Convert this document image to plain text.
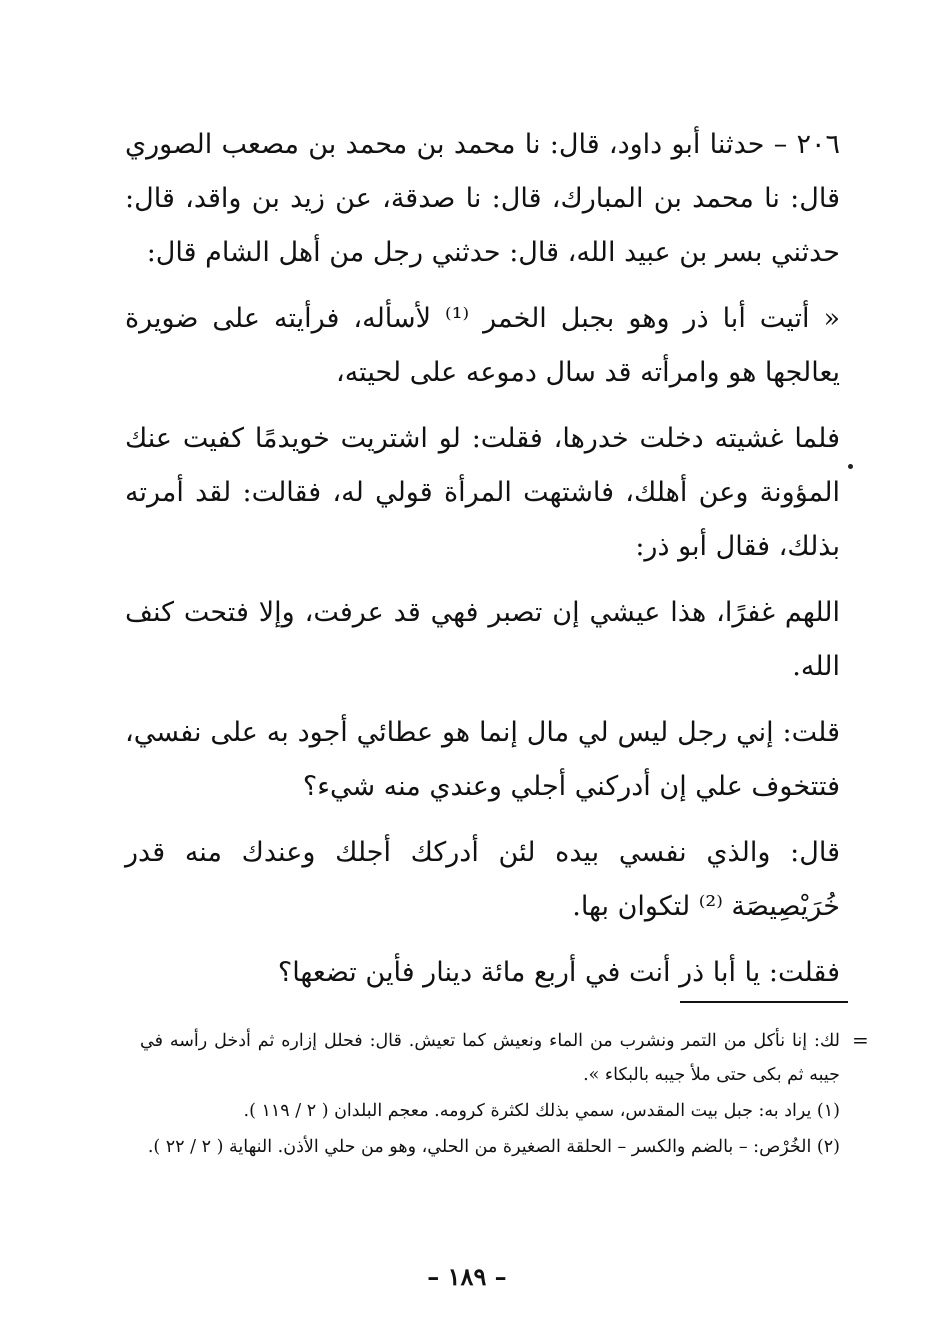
٢٠٦ – حدثنا أبو داود، قال: نا محمد بن محمد بن مصعب الصوري قال: نا محمد بن المبارك، قال: نا صدقة، عن زيد بن واقد، قال: حدثني بسر بن عبيد الله، قال: حدثني رجل من أهل الشام قال:

« أتيت أبا ذر وهو بجبل الخمر ⁽¹⁾ لأسأله، فرأيته على ضويرة يعالجها هو وامرأته قد سال دموعه على لحيته،

فلما غشيته دخلت خدرها، فقلت: لو اشتريت خويدمًا كفيت عنك المؤونة وعن أهلك، فاشتهت المرأة قولي له، فقالت: لقد أمرته بذلك، فقال أبو ذر:

اللهم غفرًا، هذا عيشي إن تصبر فهي قد عرفت، وإلا فتحت كنف الله.

قلت: إني رجل ليس لي مال إنما هو عطائي أجود به على نفسي، فتتخوف علي إن أدركني أجلي وعندي منه شيء؟

قال: والذي نفسي بيده لئن أدركك أجلك وعندك منه قدر خُرَيْصِيصَة ⁽²⁾ لتكوان بها.

فقلت: يا أبا ذر أنت في أربع مائة دينار فأين تضعها؟

=

لك: إنا نأكل من التمر ونشرب من الماء ونعيش كما تعيش. قال: فحلل إزاره ثم أدخل رأسه في جيبه ثم بكى حتى ملأ جيبه بالبكاء ».

(١) يراد به: جبل بيت المقدس، سمي بذلك لكثرة كرومه. معجم البلدان ( ٢ / ١١٩ ).

(٢) الخُرْص: – بالضم والكسر – الحلقة الصغيرة من الحلي، وهو من حلي الأذن. النهاية ( ٢ / ٢٢ ).

– ١٨٩ –
